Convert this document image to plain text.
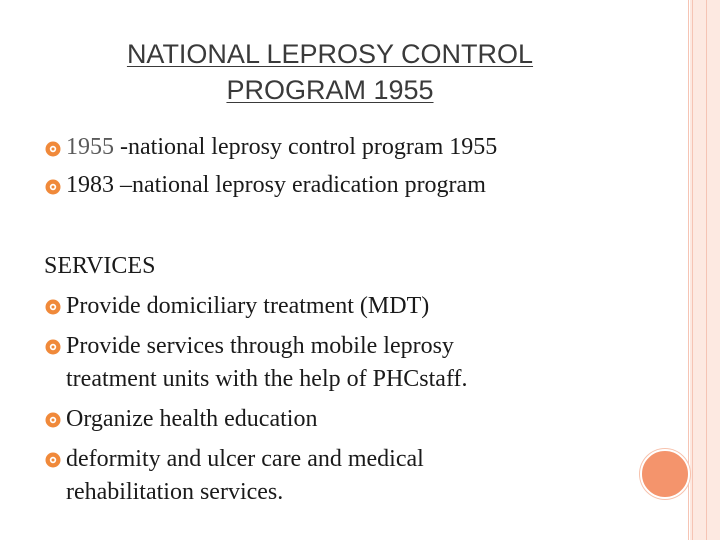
NATIONAL LEPROSY CONTROL
PROGRAM 1955
1955 -national leprosy control program 1955
1983 –national leprosy eradication program
SERVICES
Provide domiciliary treatment (MDT)
Provide services through mobile leprosy
treatment units with the help of PHCstaff.
Organize health education
deformity and ulcer care and medical
rehabilitation services.
